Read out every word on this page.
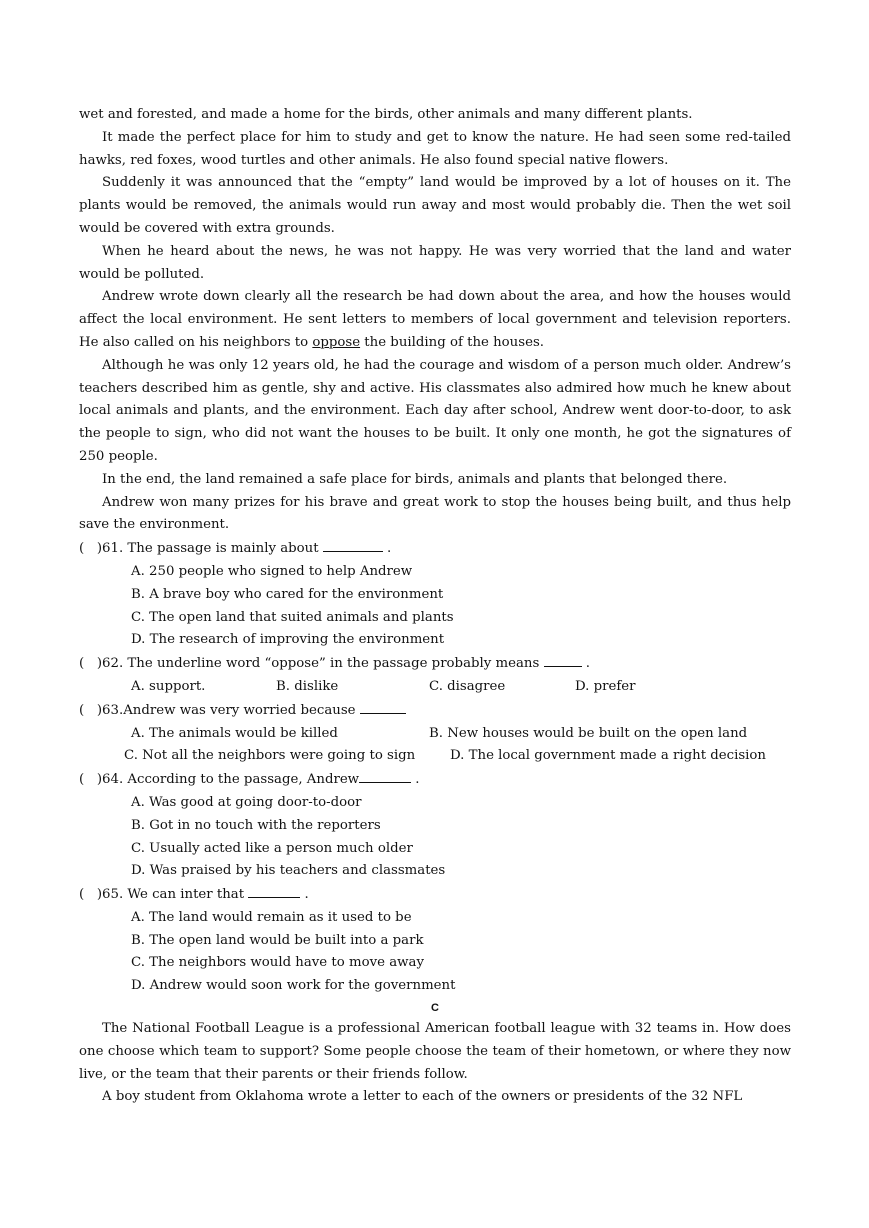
wet and forested, and made a home for the birds, other animals and many different plants.

It made the perfect place for him to study and get to know the nature. He had seen some red-tailed hawks, red foxes, wood turtles and other animals. He also found special native flowers.

Suddenly it was announced that the “empty” land would be improved by a lot of houses on it. The plants would be removed, the animals would run away and most would probably die. Then the wet soil would be covered with extra grounds.

When he heard about the news, he was not happy. He was very worried that the land and water would be polluted.

Andrew wrote down clearly all the research be had down about the area, and how the houses would affect the local environment. He sent letters to members of local government and television reporters. He also called on his neighbors to oppose the building of the houses.

Although he was only 12 years old, he had the courage and wisdom of a person much older. Andrew’s teachers described him as gentle, shy and active. His classmates also admired how much he knew about local animals and plants, and the environment. Each day after school, Andrew went door-to-door, to ask the people to sign, who did not want the houses to be built. It only one month, he got the signatures of 250 people.

In the end, the land remained a safe place for birds, animals and plants that belonged there.

Andrew won many prizes for his brave and great work to stop the houses being built, and thus help save the environment.

(   )61. The passage is mainly about	.

A. 250 people who signed to help Andrew

B. A brave boy who cared for the environment

C. The open land that suited animals and plants

D. The research of improving the environment

(   )62. The underline word “oppose” in the passage probably means	.

A. support.	B. dislike	C. disagree	D. prefer

(   )63.Andrew was very worried because

A. The animals would be killed	B. New houses would be built on the open land

C. Not all the neighbors were going to sign	D. The local government made a right decision

(   )64. According to the passage, Andrew	.

A. Was good at going door-to-door

B. Got in no touch with the reporters

C. Usually acted like a person much older

D. Was praised by his teachers and classmates

(   )65. We can inter that	.

A. The land would remain as it used to be

B. The open land would be built into a park

C. The neighbors would have to move away

D. Andrew would soon work for the government

C

The National Football League is a professional American football league with 32 teams in. How does one choose which team to support? Some people choose the team of their hometown, or where they now live, or the team that their parents or their friends follow.

A boy student from Oklahoma wrote a letter to each of the owners or presidents of the 32 NFL
